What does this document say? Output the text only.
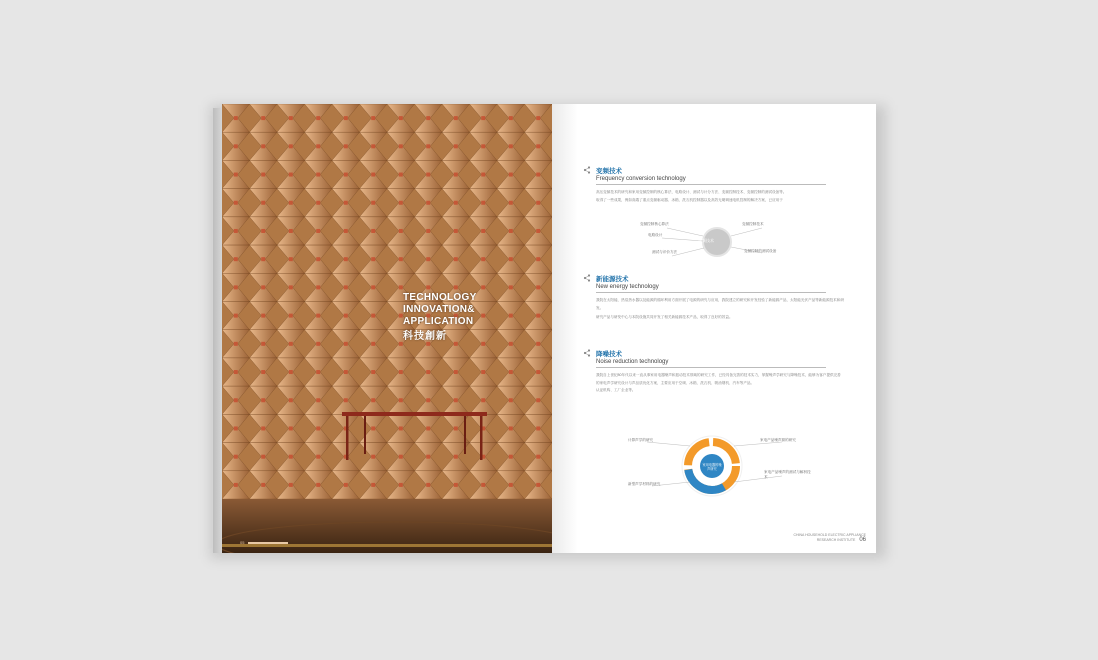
TECHNOLOGY
INNOVATION&
APPLICATION
科技創新
05
变频技术
Frequency conversion technology

高压变频技术的研究和家用变频控制的核心算法、电路设计、测试与计分方法、变频控制技术、变频控制的测试设备等。

取得了一些成果，例如高端了重点变频驱动器、冰箱、洗衣机控制器以及高效无刷调速电机控制的解决方案，已应用于

变频技术
变频控制核心算法
电路设计
测试与评价方法
变频控制技术
变频控制的测试设备
新能源技术
New energy technology

我院在太阳能、热泵热水器以及能源的循环利用方面开展了电源的研究与应用，我院建立的研究和开发经验了新能源产品，太阳能光伏产品等新能源技术和研发。

研究产品与研发中心与本院设施共同开发了相关新能源技术产品，取得了良好的效益。

降噪技术
Noise reduction technology

我院自上世纪80年代以来一直从事家用电器噪声和振动技术领域的研究工作，已经具备完善的技术实力，掌握噪声学研究与降噪技术，能够为客户提供完善的家电声学研究设计与声品质优化方案，主要应用于空调、冰箱、洗衣机、吸油烟机、汽车等产品。

认证机构、工厂企业等。

家用电器的噪声研究
计算声学的研究
新型声学材料的研究
家电产品噪声源的研究
家电产品噪声的测试与解析技术
CHINA HOUSEHOLD ELECTRIC APPLIANCE
RESEARCH INSTITUTE 06
